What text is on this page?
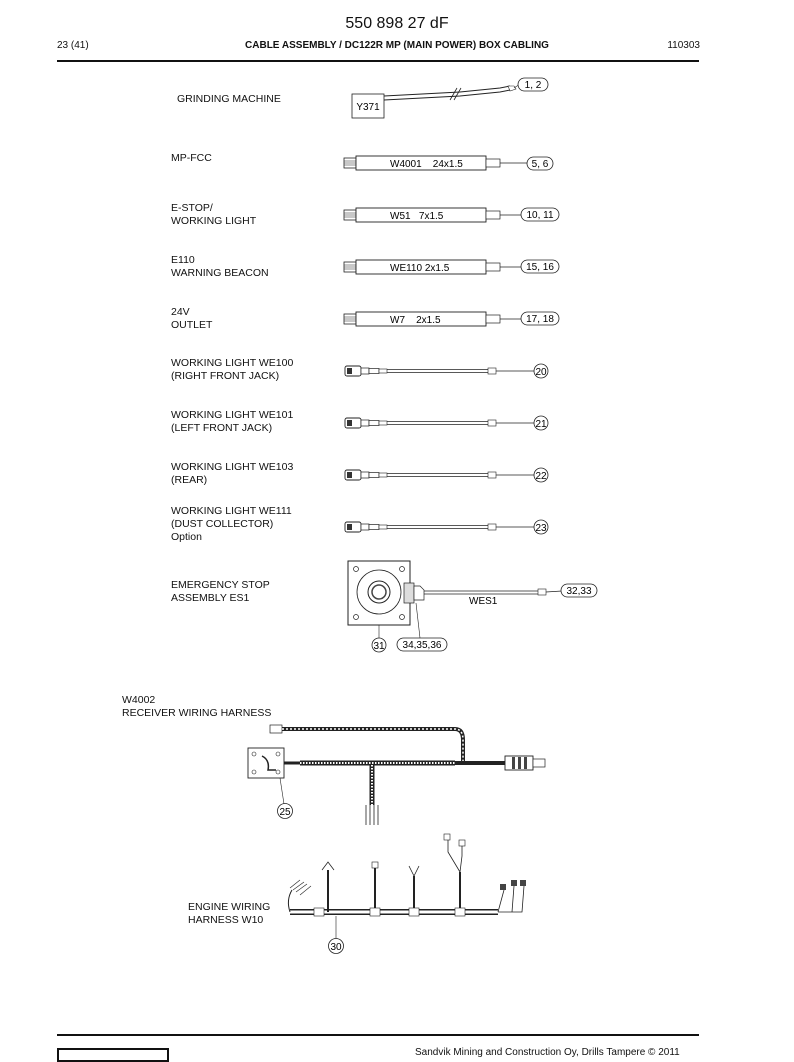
550 898 27 dF
23 (41)	CABLE ASSEMBLY / DC122R MP (MAIN POWER) BOX CABLING	110303
GRINDING MACHINE
MP-FCC
E-STOP/
WORKING LIGHT
E110
WARNING BEACON
24V
OUTLET
WORKING LIGHT WE100
(RIGHT FRONT JACK)
WORKING LIGHT WE101
(LEFT FRONT JACK)
WORKING LIGHT WE103
(REAR)
WORKING LIGHT WE111
(DUST COLLECTOR)
Option
EMERGENCY STOP
ASSEMBLY ES1
W4002
RECEIVER WIRING HARNESS
ENGINE WIRING
HARNESS W10
Y371
W4001    24x1.5
W51   7x1.5
WE110 2x1.5
W7    2x1.5
WES1
1, 2
5, 6
10, 11
15, 16
17, 18
20
21
22
23
32,33
31 34,35,36
25
30
Sandvik Mining and Construction Oy, Drills Tampere © 2011
